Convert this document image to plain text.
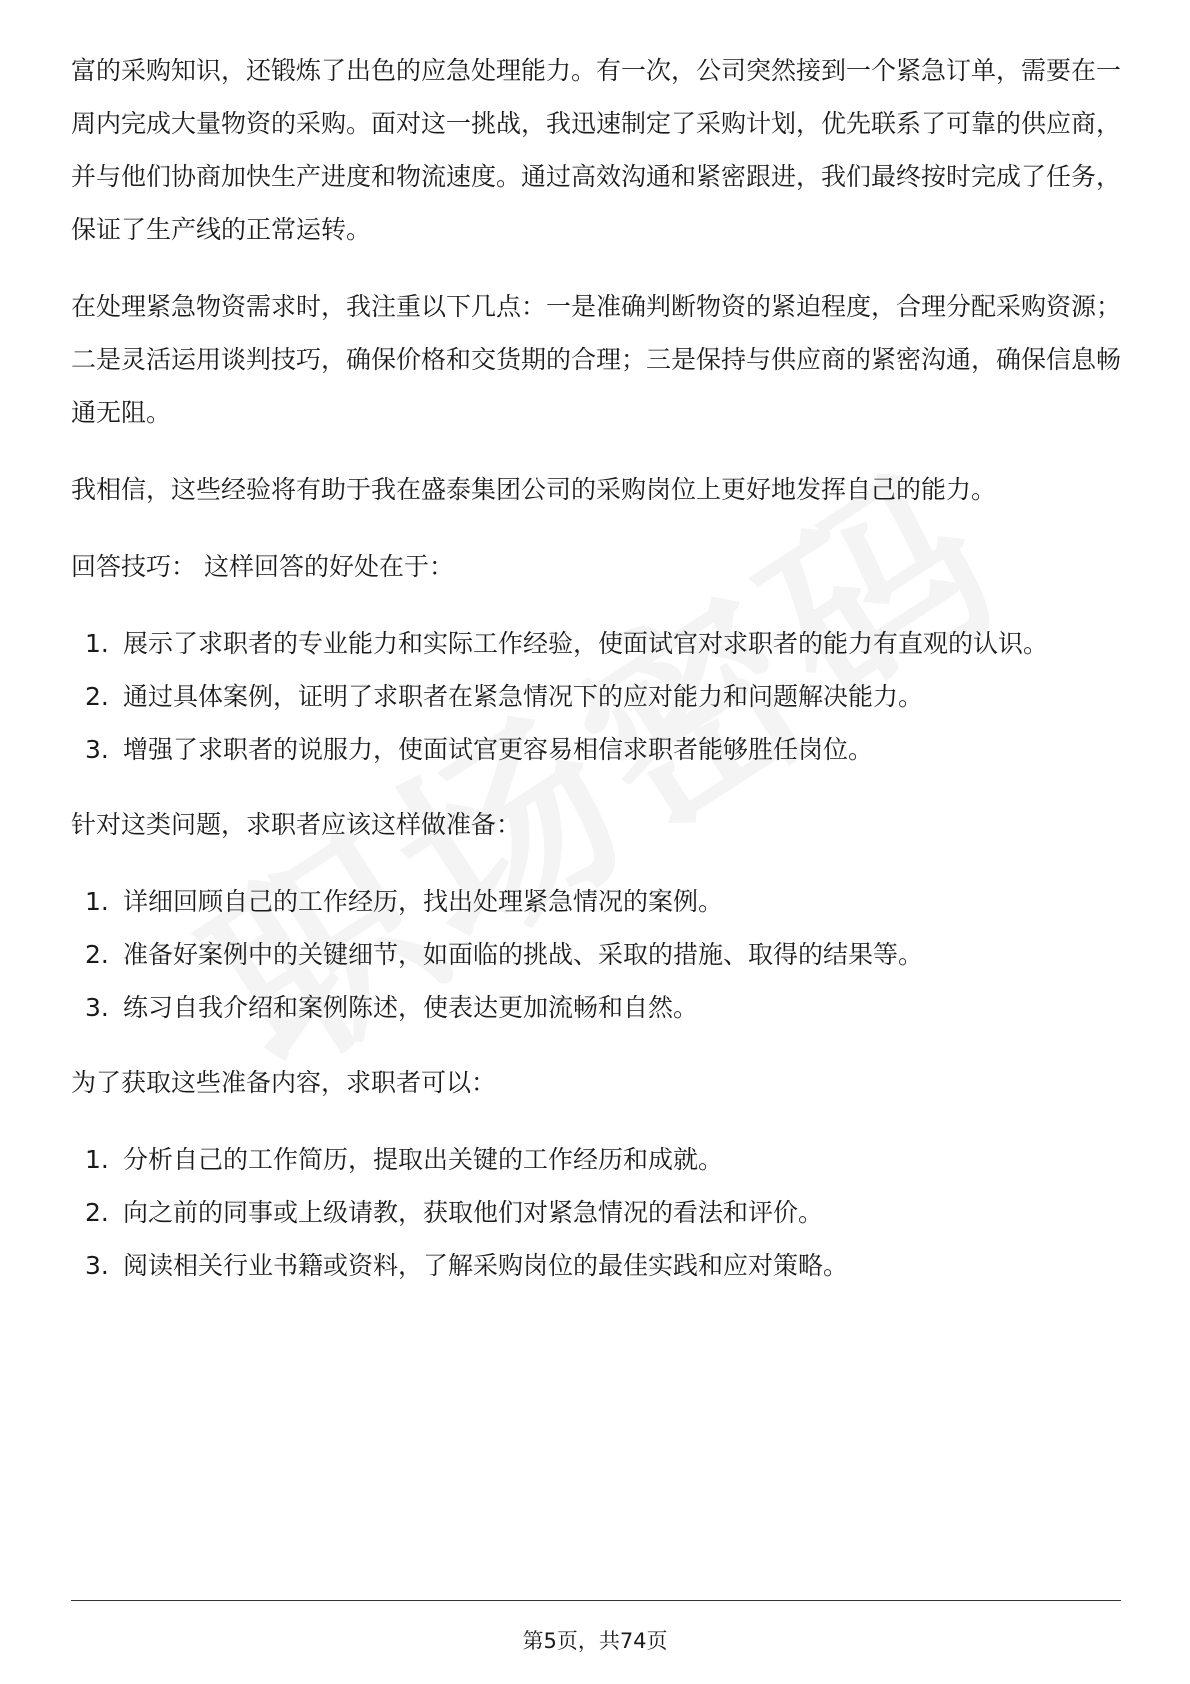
富的采购知识，还锻炼了出色的应急处理能力。有一次，公司突然接到一个紧急订单，需要在一周内完成大量物资的采购。面对这一挑战，我迅速制定了采购计划，优先联系了可靠的供应商，并与他们协商加快生产进度和物流速度。通过高效沟通和紧密跟进，我们最终按时完成了任务，保证了生产线的正常运转。

在处理紧急物资需求时，我注重以下几点：一是准确判断物资的紧迫程度，合理分配采购资源；二是灵活运用谈判技巧，确保价格和交货期的合理；三是保持与供应商的紧密沟通，确保信息畅通无阻。

我相信，这些经验将有助于我在盛泰集团公司的采购岗位上更好地发挥自己的能力。

回答技巧： 这样回答的好处在于：

1. 展示了求职者的专业能力和实际工作经验，使面试官对求职者的能力有直观的认识。
2. 通过具体案例，证明了求职者在紧急情况下的应对能力和问题解决能力。
3. 增强了求职者的说服力，使面试官更容易相信求职者能够胜任岗位。

针对这类问题，求职者应该这样做准备：

1. 详细回顾自己的工作经历，找出处理紧急情况的案例。
2. 准备好案例中的关键细节，如面临的挑战、采取的措施、取得的结果等。
3. 练习自我介绍和案例陈述，使表达更加流畅和自然。

为了获取这些准备内容，求职者可以：

1. 分析自己的工作简历，提取出关键的工作经历和成就。
2. 向之前的同事或上级请教，获取他们对紧急情况的看法和评价。
3. 阅读相关行业书籍或资料，了解采购岗位的最佳实践和应对策略。
第5页，共74页
